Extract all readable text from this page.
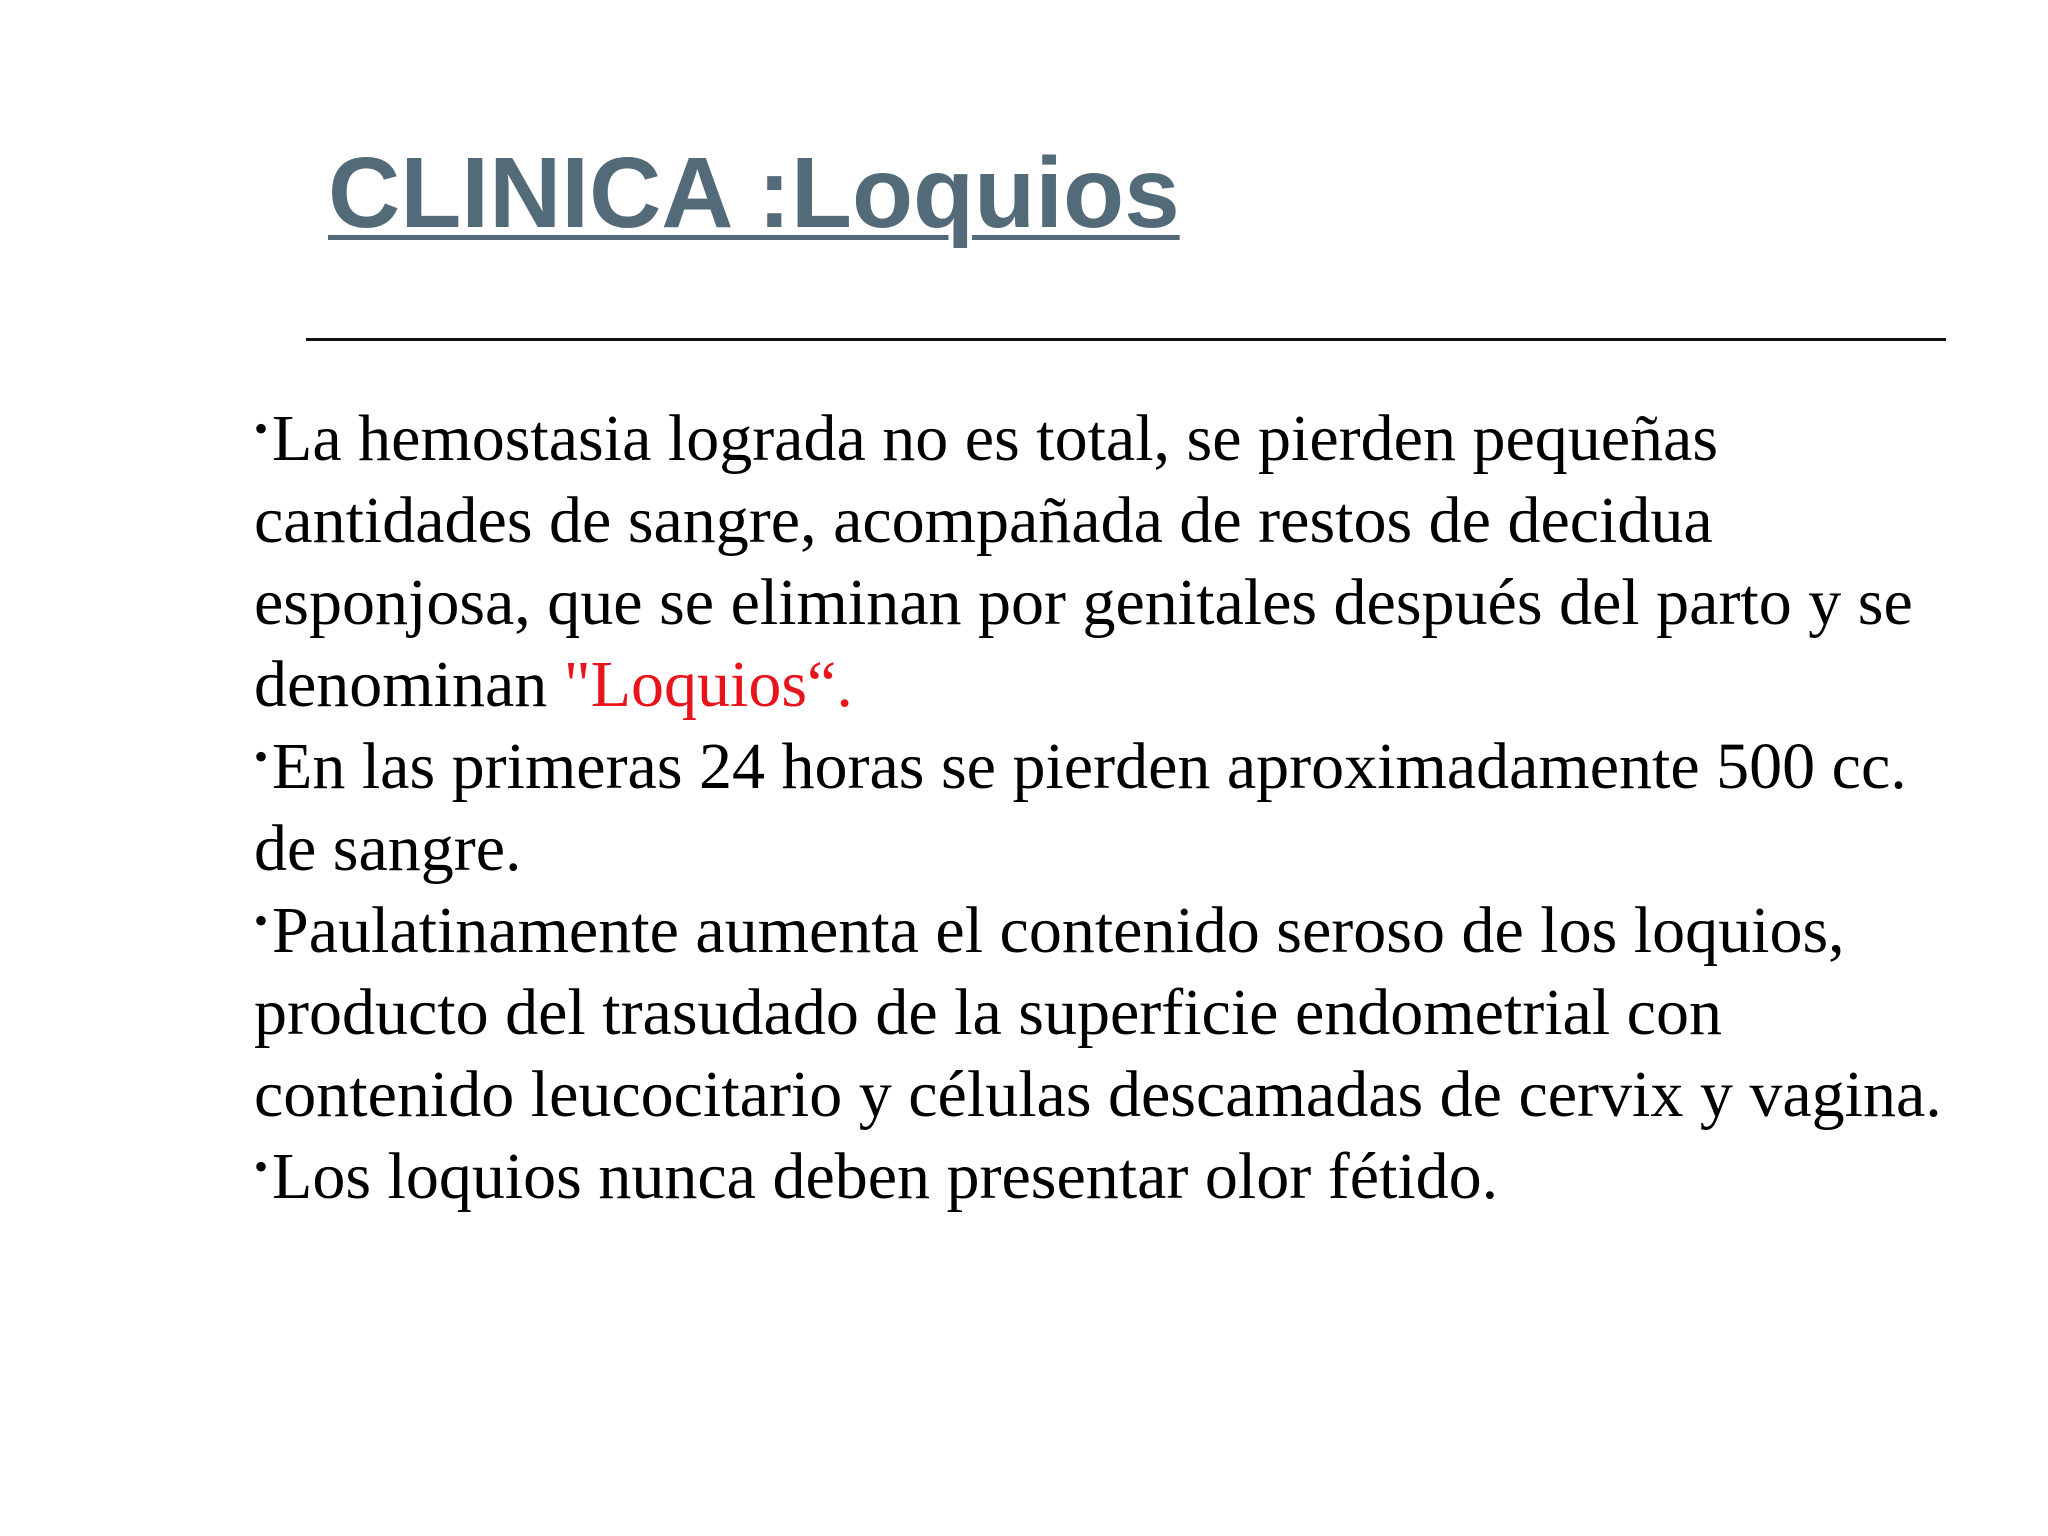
CLINICA :Loquios
•La hemostasia lograda no es total, se pierden pequeñas cantidades de sangre, acompañada de restos de decidua esponjosa, que se eliminan por genitales después del parto y se denominan "Loquios“.
•En las primeras 24 horas se pierden aproximadamente 500 cc. de sangre.
•Paulatinamente aumenta el contenido seroso de los loquios, producto del trasudado de la superficie endometrial con contenido leucocitario y células descamadas de cervix y vagina.
•Los loquios nunca deben presentar olor fétido.
